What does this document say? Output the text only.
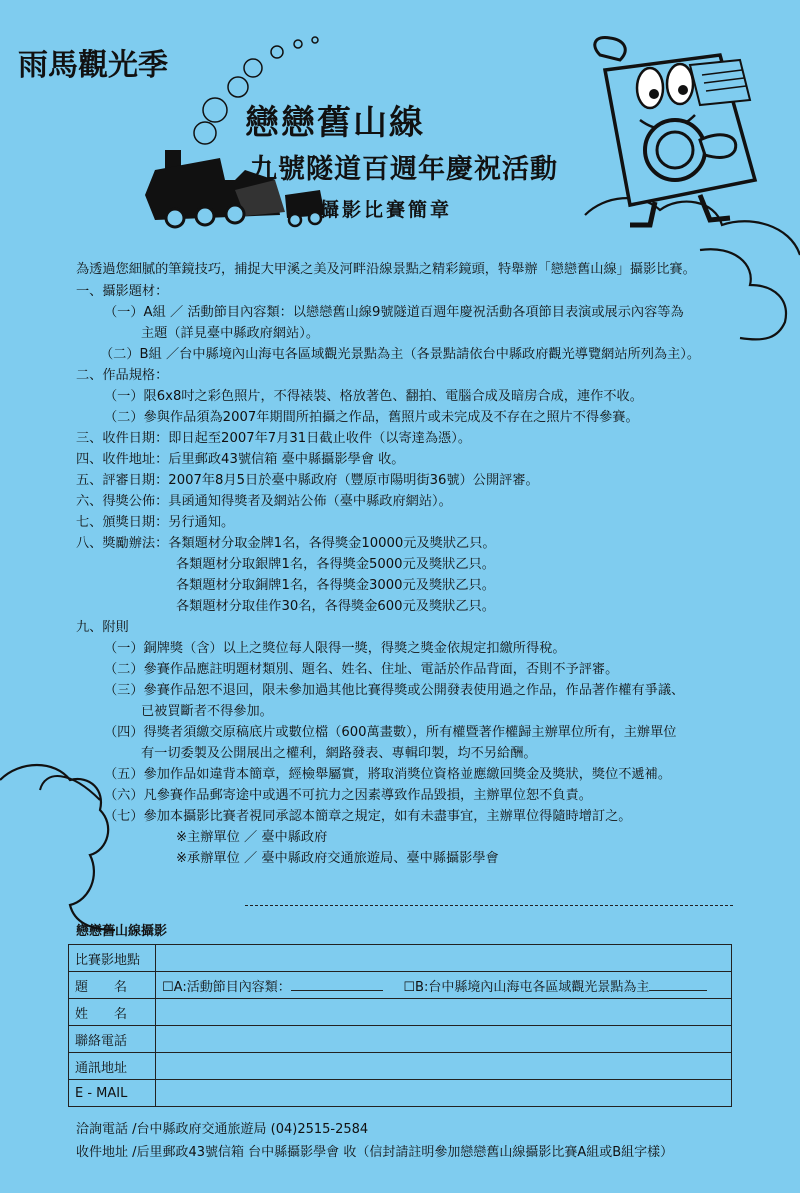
雨馬觀光季
戀戀舊山線
九號隧道百週年慶祝活動
攝影比賽簡章
為透過您細膩的筆鏡技巧，捕捉大甲溪之美及河畔沿線景點之精彩鏡頭，特舉辦「戀戀舊山線」攝影比賽。
一、攝影題材：
（一）A組 ／ 活動節目內容類：以戀戀舊山線9號隧道百週年慶祝活動各項節目表演或展示內容等為
主題（詳見臺中縣政府網站）。
（二）B組 ／台中縣境內山海屯各區域觀光景點為主（各景點請依台中縣政府觀光導覽網站所列為主）。
二、作品規格：
（一）限6x8吋之彩色照片，不得裱裝、格放著色、翻拍、電腦合成及暗房合成，連作不收。
（二）參與作品須為2007年期間所拍攝之作品，舊照片或未完成及不存在之照片不得參賽。
三、收件日期：即日起至2007年7月31日截止收件（以寄達為憑）。
四、收件地址：后里郵政43號信箱 臺中縣攝影學會 收。
五、評審日期：2007年8月5日於臺中縣政府（豐原市陽明街36號）公開評審。
六、得獎公佈：具函通知得獎者及網站公佈（臺中縣政府網站）。
七、頒獎日期：另行通知。
八、獎勵辦法：各類題材分取金牌1名，各得獎金10000元及獎狀乙只。
各類題材分取銀牌1名，各得獎金5000元及獎狀乙只。
各類題材分取銅牌1名，各得獎金3000元及獎狀乙只。
各類題材分取佳作30名，各得獎金600元及獎狀乙只。
九、附則
（一）銅牌獎（含）以上之獎位每人限得一獎，得獎之獎金依規定扣繳所得稅。
（二）參賽作品應註明題材類別、題名、姓名、住址、電話於作品背面，否則不予評審。
（三）參賽作品恕不退回，限未參加過其他比賽得獎或公開發表使用過之作品，作品著作權有爭議、
已被買斷者不得參加。
（四）得獎者須繳交原稿底片或數位檔（600萬畫數），所有權暨著作權歸主辦單位所有，主辦單位
有一切委製及公開展出之權利，網路發表、專輯印製，均不另給酬。
（五）參加作品如違背本簡章，經檢舉屬實，將取消獎位資格並應繳回獎金及獎狀，獎位不遞補。
（六）凡參賽作品郵寄途中或遇不可抗力之因素導致作品毀損，主辦單位恕不負責。
（七）參加本攝影比賽者視同承認本簡章之規定，如有未盡事宜，主辦單位得隨時增訂之。
※主辦單位 ／ 臺中縣政府
※承辦單位 ／ 臺中縣政府交通旅遊局、臺中縣攝影學會
戀戀舊山線攝影
比賽影地點	
題　　名	☐A:活動節目內容類： ☐B:台中縣境內山海屯各區域觀光景點為主
姓　　名	
聯絡電話	
通訊地址	
E - MAIL	
洽詢電話 /台中縣政府交通旅遊局 (04)2515-2584
收件地址 /后里郵政43號信箱 台中縣攝影學會 收（信封請註明參加戀戀舊山線攝影比賽A組或B組字樣）
